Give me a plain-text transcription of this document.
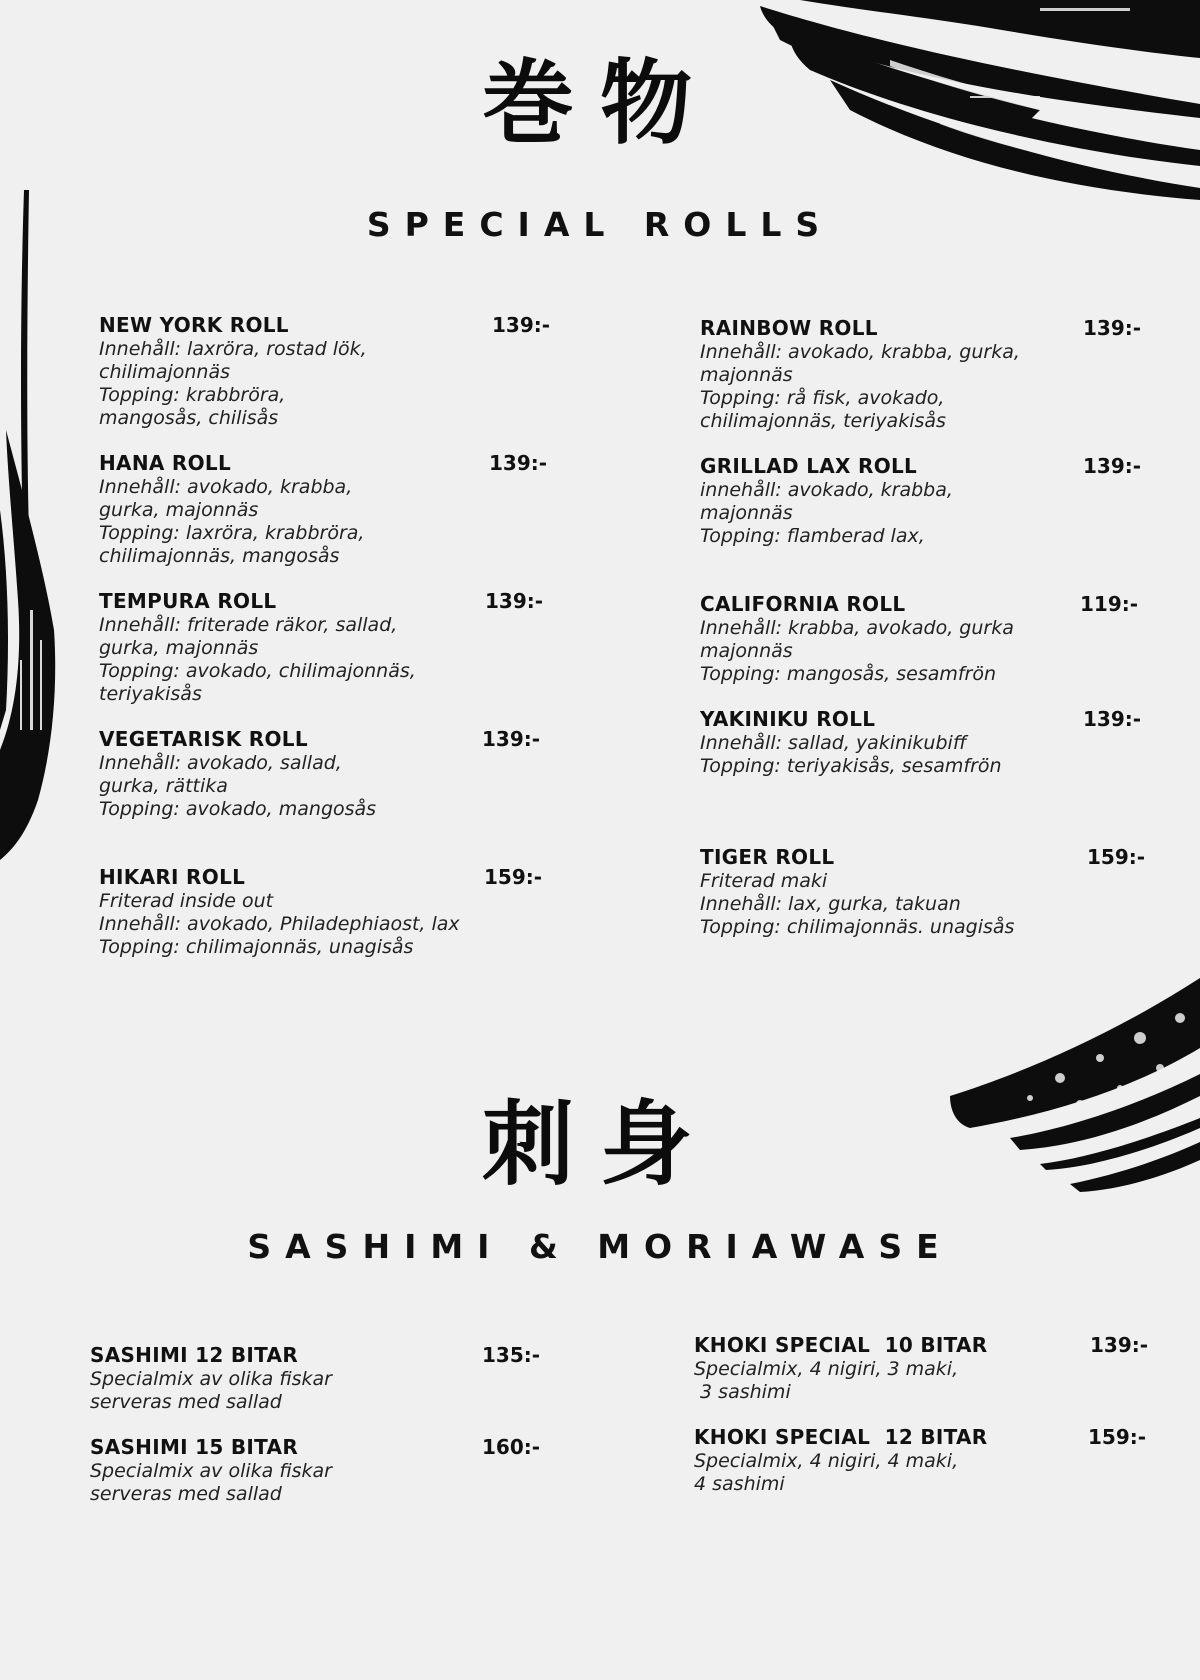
巻物
SPECIAL ROLLS
NEW YORK ROLL	139:-
Innehåll: laxröra, rostad lök,
chilimajonnäs
Topping: krabbröra,
mangosås, chilisås
HANA ROLL	139:-
Innehåll: avokado, krabba,
gurka, majonnäs
Topping: laxröra, krabbröra,
chilimajonnäs, mangosås
TEMPURA ROLL	139:-
Innehåll: friterade räkor, sallad,
gurka, majonnäs
Topping: avokado, chilimajonnäs,
teriyakisås
VEGETARISK ROLL	139:-
Innehåll: avokado, sallad,
gurka, rättika
Topping: avokado, mangosås
HIKARI ROLL	159:-
Friterad inside out
Innehåll: avokado, Philadephiaost, lax
Topping: chilimajonnäs, unagisås
RAINBOW ROLL	139:-
Innehåll: avokado, krabba, gurka,
majonnäs
Topping: rå fisk, avokado,
chilimajonnäs, teriyakisås
GRILLAD LAX ROLL	139:-
innehåll: avokado, krabba,
majonnäs
Topping: flamberad lax,
CALIFORNIA ROLL	119:-
Innehåll: krabba, avokado, gurka
majonnäs
Topping: mangosås, sesamfrön
YAKINIKU ROLL	139:-
Innehåll: sallad, yakinikubiff
Topping: teriyakisås, sesamfrön
TIGER ROLL	159:-
Friterad maki
Innehåll: lax, gurka, takuan
Topping: chilimajonnäs. unagisås
刺身
SASHIMI & MORIAWASE
SASHIMI 12 BITAR	135:-
Specialmix av olika fiskar
serveras med sallad
SASHIMI 15 BITAR	160:-
Specialmix av olika fiskar
serveras med sallad
KHOKI SPECIAL  10 BITAR	139:-
Specialmix, 4 nigiri, 3 maki,
3 sashimi
KHOKI SPECIAL  12 BITAR	159:-
Specialmix, 4 nigiri, 4 maki,
4 sashimi
